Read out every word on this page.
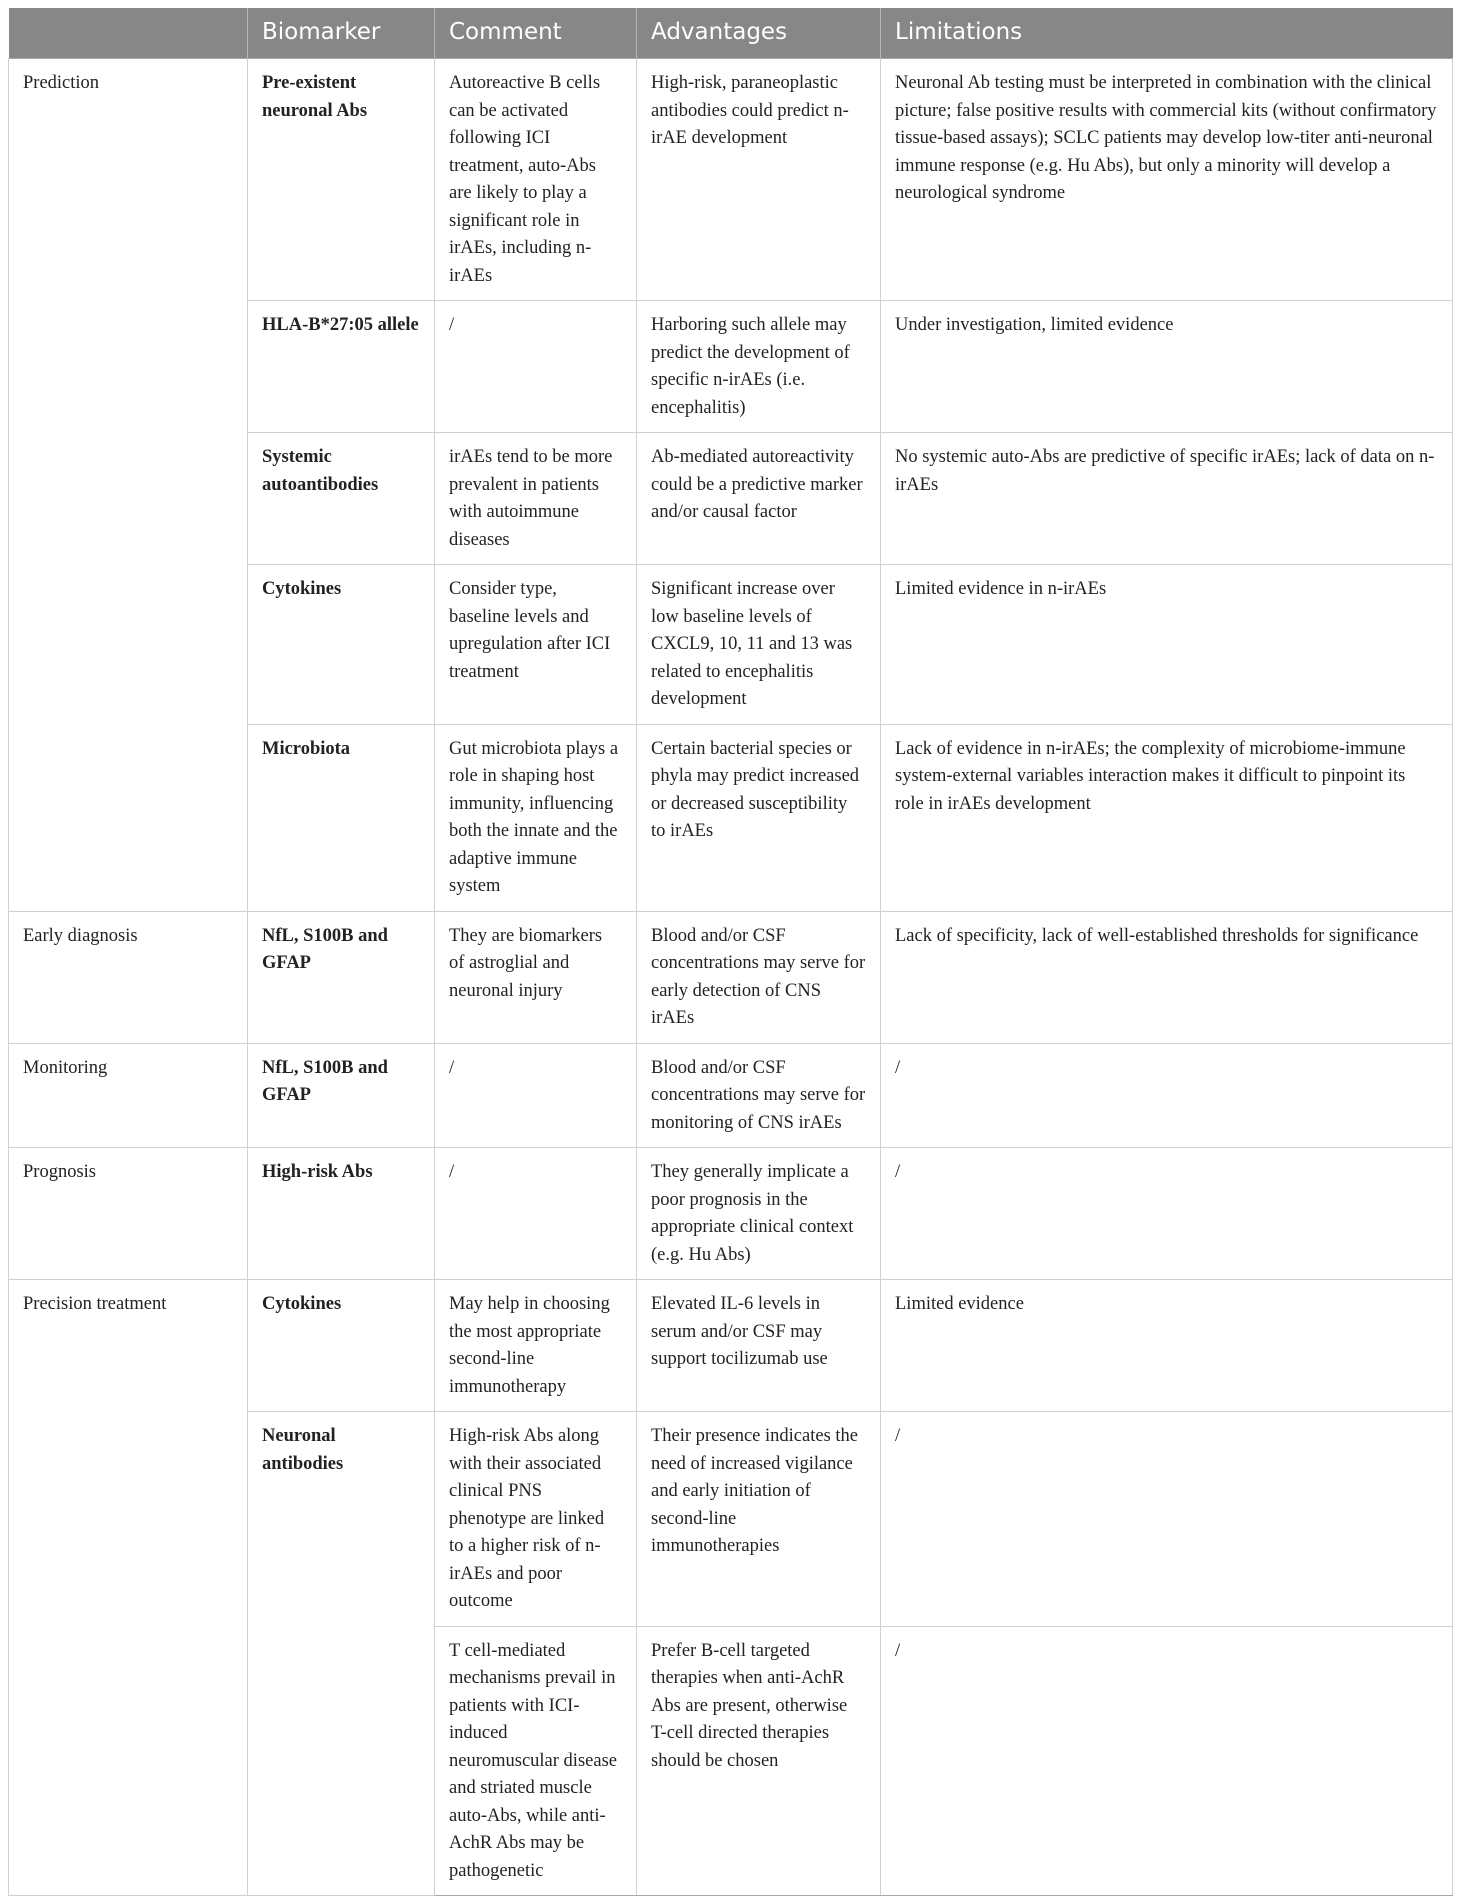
	Biomarker	Comment	Advantages	Limitations
Prediction	Pre-existent neuronal Abs	Autoreactive B cells can be activated following ICI treatment, auto-Abs are likely to play a significant role in irAEs, including n-irAEs	High-risk, paraneoplastic antibodies could predict n-irAE development	Neuronal Ab testing must be interpreted in combination with the clinical picture; false positive results with commercial kits (without confirmatory tissue-based assays); SCLC patients may develop low-titer anti-neuronal immune response (e.g. Hu Abs), but only a minority will develop a neurological syndrome
	HLA-B*27:05 allele	/	Harboring such allele may predict the development of specific n-irAEs (i.e. encephalitis)	Under investigation, limited evidence
	Systemic autoantibodies	irAEs tend to be more prevalent in patients with autoimmune diseases	Ab-mediated autoreactivity could be a predictive marker and/or causal factor	No systemic auto-Abs are predictive of specific irAEs; lack of data on n-irAEs
	Cytokines	Consider type, baseline levels and upregulation after ICI treatment	Significant increase over low baseline levels of CXCL9, 10, 11 and 13 was related to encephalitis development	Limited evidence in n-irAEs
	Microbiota	Gut microbiota plays a role in shaping host immunity, influencing both the innate and the adaptive immune system	Certain bacterial species or phyla may predict increased or decreased susceptibility to irAEs	Lack of evidence in n-irAEs; the complexity of microbiome-immune system-external variables interaction makes it difficult to pinpoint its role in irAEs development
Early diagnosis	NfL, S100B and GFAP	They are biomarkers of astroglial and neuronal injury	Blood and/or CSF concentrations may serve for early detection of CNS irAEs	Lack of specificity, lack of well-established thresholds for significance
Monitoring	NfL, S100B and GFAP	/	Blood and/or CSF concentrations may serve for monitoring of CNS irAEs	/
Prognosis	High-risk Abs	/	They generally implicate a poor prognosis in the appropriate clinical context (e.g. Hu Abs)	/
Precision treatment	Cytokines	May help in choosing the most appropriate second-line immunotherapy	Elevated IL-6 levels in serum and/or CSF may support tocilizumab use	Limited evidence
	Neuronal antibodies	High-risk Abs along with their associated clinical PNS phenotype are linked to a higher risk of n-irAEs and poor outcome	Their presence indicates the need of increased vigilance and early initiation of second-line immunotherapies	/
		T cell-mediated mechanisms prevail in patients with ICI-induced neuromuscular disease and striated muscle auto-Abs, while anti-AchR Abs may be pathogenetic	Prefer B-cell targeted therapies when anti-AchR Abs are present, otherwise T-cell directed therapies should be chosen	/
